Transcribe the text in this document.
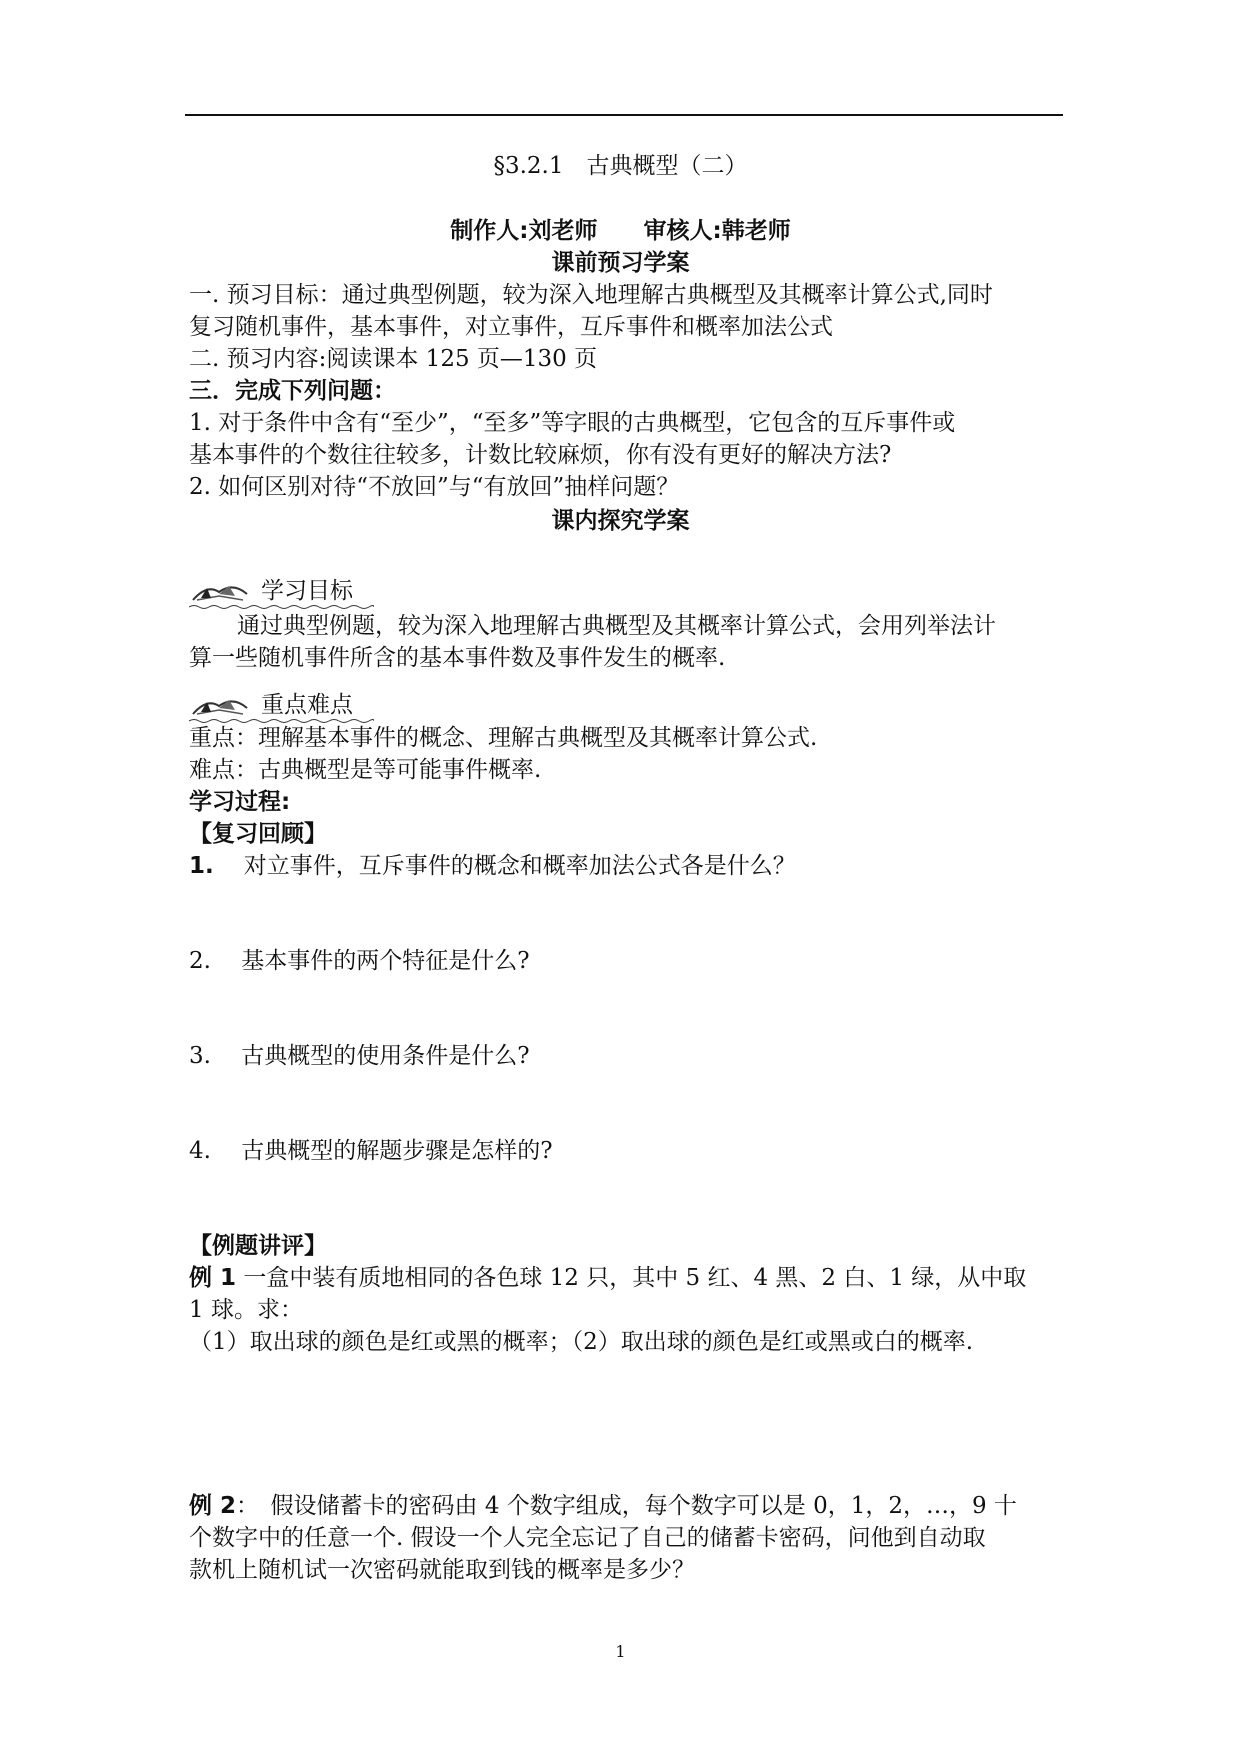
§3.2.1　古典概型（二）
制作人:刘老师　　审核人:韩老师
课前预习学案
一. 预习目标：通过典型例题，较为深入地理解古典概型及其概率计算公式,同时
复习随机事件，基本事件，对立事件，互斥事件和概率加法公式
二. 预习内容:阅读课本 125 页—130 页
三．完成下列问题：
1. 对于条件中含有“至少”，“至多”等字眼的古典概型，它包含的互斥事件或
基本事件的个数往往较多，计数比较麻烦，你有没有更好的解决方法?
2. 如何区别对待“不放回”与“有放回”抽样问题？
课内探究学案
学习目标
通过典型例题，较为深入地理解古典概型及其概率计算公式，会用列举法计
算一些随机事件所含的基本事件数及事件发生的概率.
重点难点
重点：理解基本事件的概念、理解古典概型及其概率计算公式.
难点：古典概型是等可能事件概率.
学习过程:
【复习回顾】
1. 对立事件，互斥事件的概念和概率加法公式各是什么？
2.　 基本事件的两个特征是什么?
3.　 古典概型的使用条件是什么?
4.　 古典概型的解题步骤是怎样的?
【例题讲评】
例 1 一盒中装有质地相同的各色球 12 只，其中 5 红、4 黑、2 白、1 绿，从中取
1 球。求：
（1）取出球的颜色是红或黑的概率；（2）取出球的颜色是红或黑或白的概率.
例 2：　假设储蓄卡的密码由 4 个数字组成，每个数字可以是 0，1，2，…，9 十
个数字中的任意一个. 假设一个人完全忘记了自己的储蓄卡密码，问他到自动取
款机上随机试一次密码就能取到钱的概率是多少？
1
